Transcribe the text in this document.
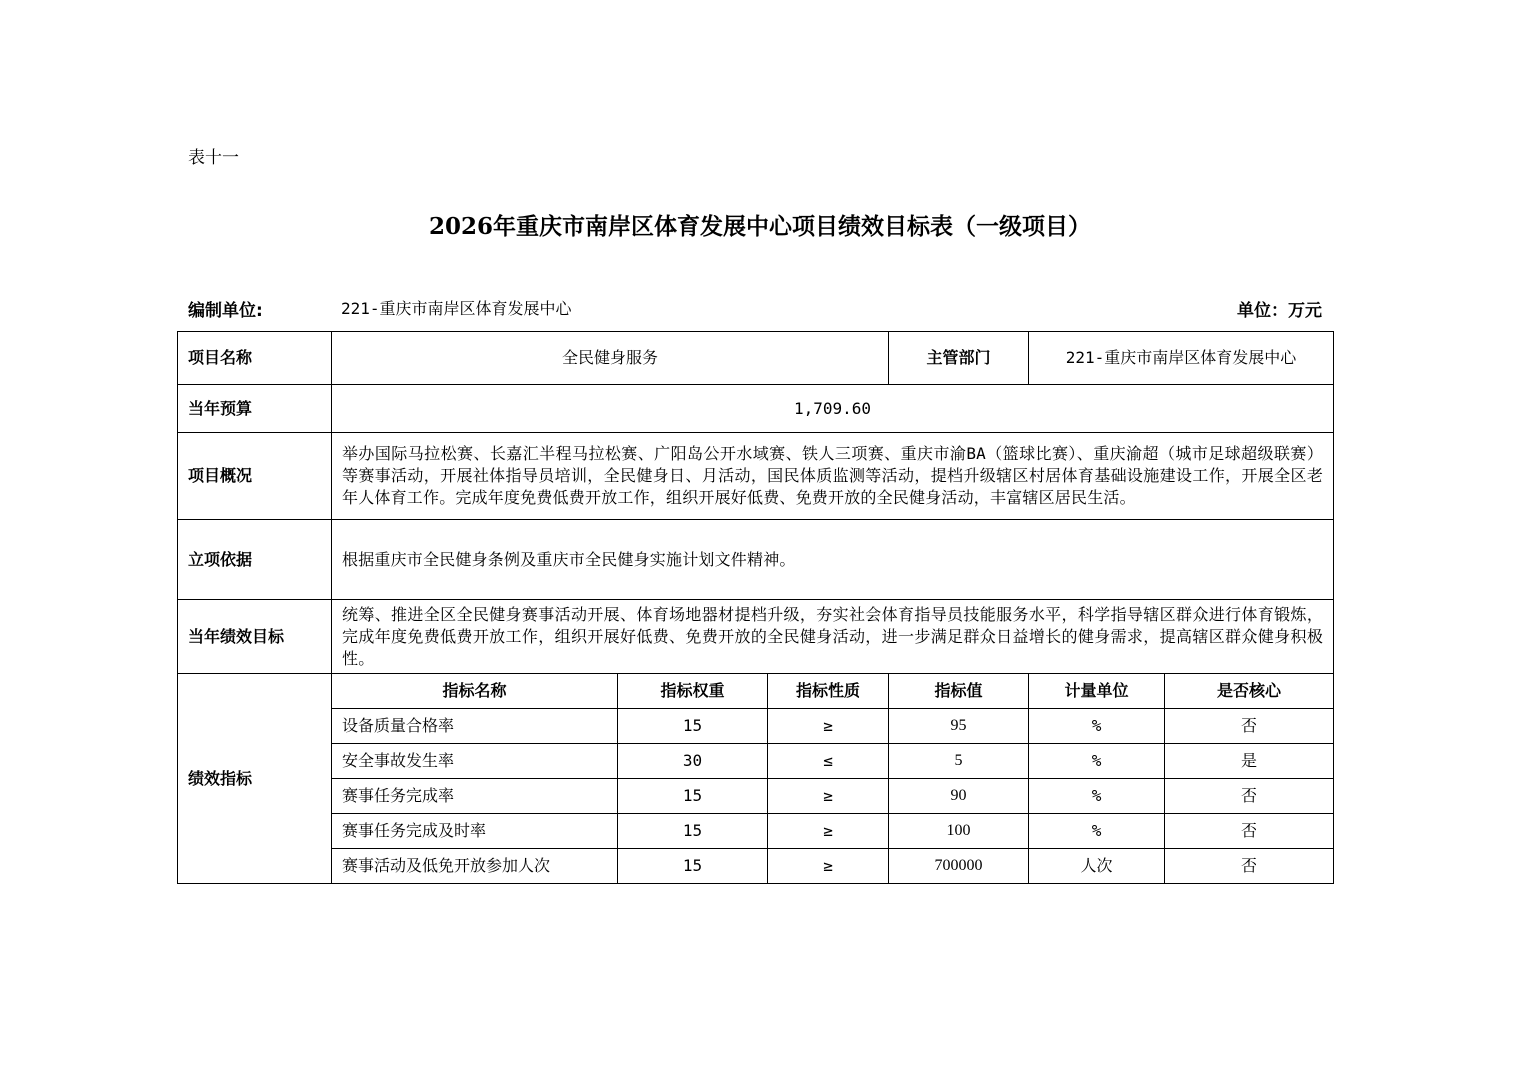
表十一
2026年重庆市南岸区体育发展中心项目绩效目标表（一级项目）
编制单位:	221-重庆市南岸区体育发展中心	单位：万元
项目名称	全民健身服务			主管部门	221-重庆市南岸区体育发展中心	
当年预算	1,709.60					
项目概况	举办国际马拉松赛、长嘉汇半程马拉松赛、广阳岛公开水域赛、铁人三项赛、重庆市渝BA（篮球比赛）、重庆渝超（城市足球超级联赛）等赛事活动，开展社体指导员培训，全民健身日、月活动，国民体质监测等活动，提档升级辖区村居体育基础设施建设工作，开展全区老年人体育工作。完成年度免费低费开放工作，组织开展好低费、免费开放的全民健身活动，丰富辖区居民生活。					
立项依据	根据重庆市全民健身条例及重庆市全民健身实施计划文件精神。					
当年绩效目标	统筹、推进全区全民健身赛事活动开展、体育场地器材提档升级，夯实社会体育指导员技能服务水平，科学指导辖区群众进行体育锻炼，完成年度免费低费开放工作，组织开展好低费、免费开放的全民健身活动，进一步满足群众日益增长的健身需求，提高辖区群众健身积极性。					
绩效指标	指标名称	指标权重	指标性质	指标值	计量单位	是否核心
	设备质量合格率	15	≥	95	%	否
	安全事故发生率	30	≤	5	%	是
	赛事任务完成率	15	≥	90	%	否
	赛事任务完成及时率	15	≥	100	%	否
	赛事活动及低免开放参加人次	15	≥	700000	人次	否
